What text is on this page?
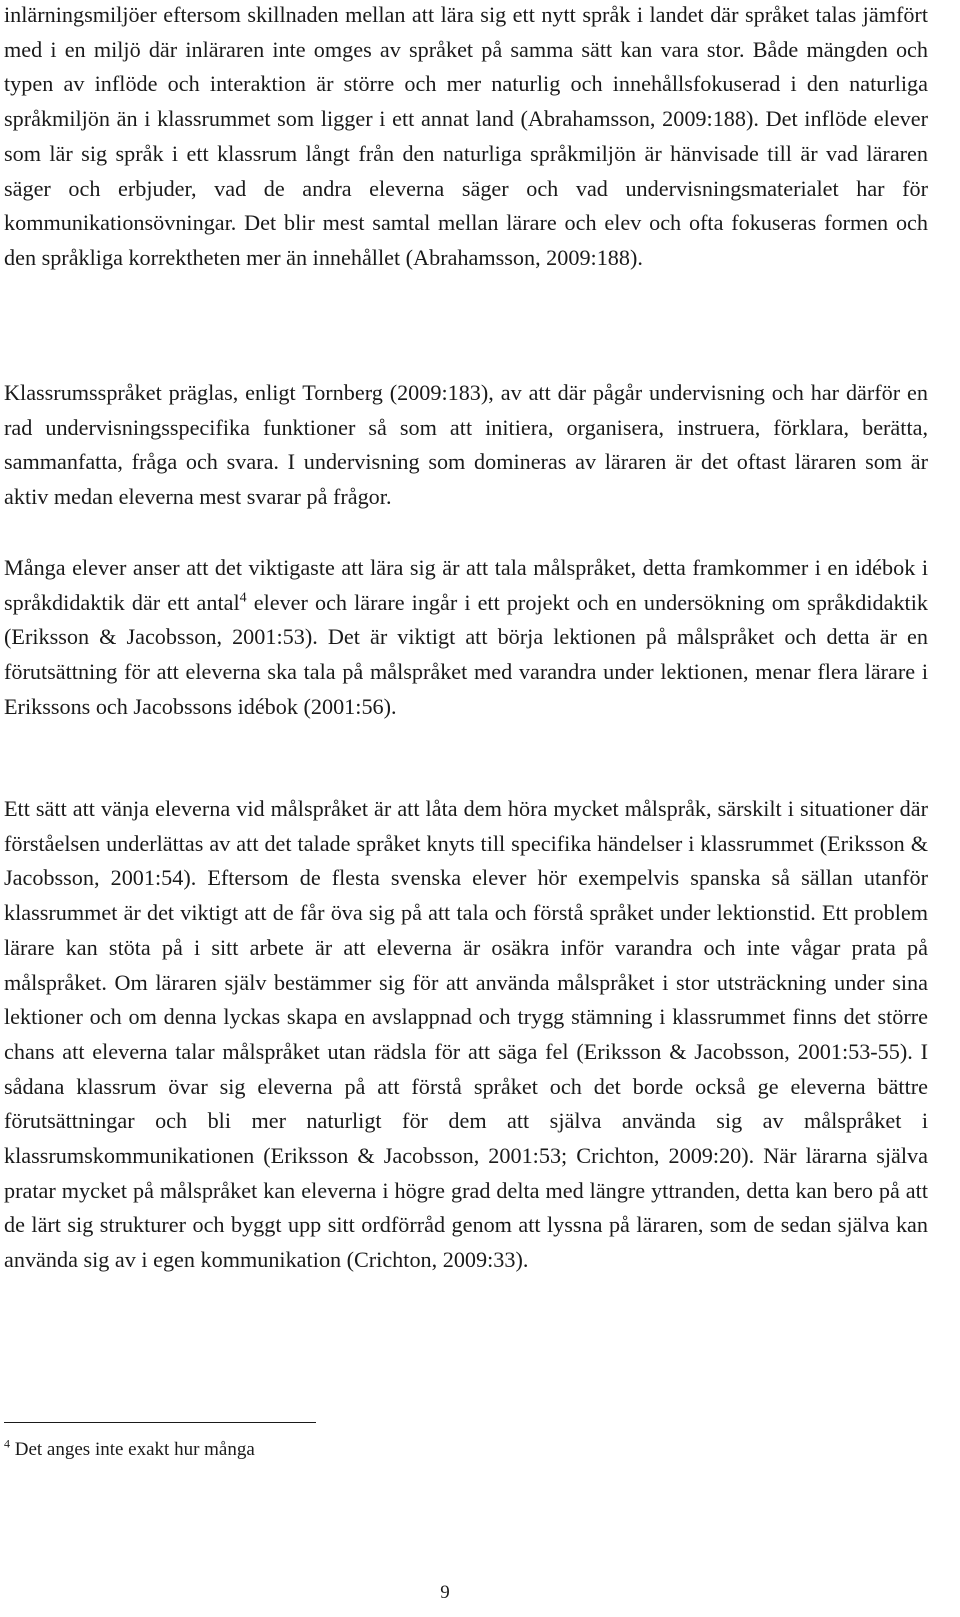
inlärningsmiljöer eftersom skillnaden mellan att lära sig ett nytt språk i landet där språket talas jämfört med i en miljö där inläraren inte omges av språket på samma sätt kan vara stor. Både mängden och typen av inflöde och interaktion är större och mer naturlig och innehållsfokuserad i den naturliga språkmiljön än i klassrummet som ligger i ett annat land (Abrahamsson, 2009:188). Det inflöde elever som lär sig språk i ett klassrum långt från den naturliga språkmiljön är hänvisade till är vad läraren säger och erbjuder, vad de andra eleverna säger och vad undervisningsmaterialet har för kommunikationsövningar. Det blir mest samtal mellan lärare och elev och ofta fokuseras formen och den språkliga korrektheten mer än innehållet (Abrahamsson, 2009:188).

Klassrumsspråket präglas, enligt Tornberg (2009:183), av att där pågår undervisning och har därför en rad undervisningsspecifika funktioner så som att initiera, organisera, instruera, förklara, berätta, sammanfatta, fråga och svara. I undervisning som domineras av läraren är det oftast läraren som är aktiv medan eleverna mest svarar på frågor.

Många elever anser att det viktigaste att lära sig är att tala målspråket, detta framkommer i en idébok i språkdidaktik där ett antal$^4$ elever och lärare ingår i ett projekt och en undersökning om språkdidaktik (Eriksson & Jacobsson, 2001:53). Det är viktigt att börja lektionen på målspråket och detta är en förutsättning för att eleverna ska tala på målspråket med varandra under lektionen, menar flera lärare i Erikssons och Jacobssons idébok (2001:56).

Ett sätt att vänja eleverna vid målspråket är att låta dem höra mycket målspråk, särskilt i situationer där förståelsen underlättas av att det talade språket knyts till specifika händelser i klassrummet (Eriksson & Jacobsson, 2001:54). Eftersom de flesta svenska elever hör exempelvis spanska så sällan utanför klassrummet är det viktigt att de får öva sig på att tala och förstå språket under lektionstid. Ett problem lärare kan stöta på i sitt arbete är att eleverna är osäkra inför varandra och inte vågar prata på målspråket. Om läraren själv bestämmer sig för att använda målspråket i stor utsträckning under sina lektioner och om denna lyckas skapa en avslappnad och trygg stämning i klassrummet finns det större chans att eleverna talar målspråket utan rädsla för att säga fel (Eriksson & Jacobsson, 2001:53-55). I sådana klassrum övar sig eleverna på att förstå språket och det borde också ge eleverna bättre förutsättningar och bli mer naturligt för dem att själva använda sig av målspråket i klassrumskommunikationen (Eriksson & Jacobsson, 2001:53; Crichton, 2009:20). När lärarna själva pratar mycket på målspråket kan eleverna i högre grad delta med längre yttranden, detta kan bero på att de lärt sig strukturer och byggt upp sitt ordförråd genom att lyssna på läraren, som de sedan själva kan använda sig av i egen kommunikation (Crichton, 2009:33).

$^4$ Det anges inte exakt hur många

9
